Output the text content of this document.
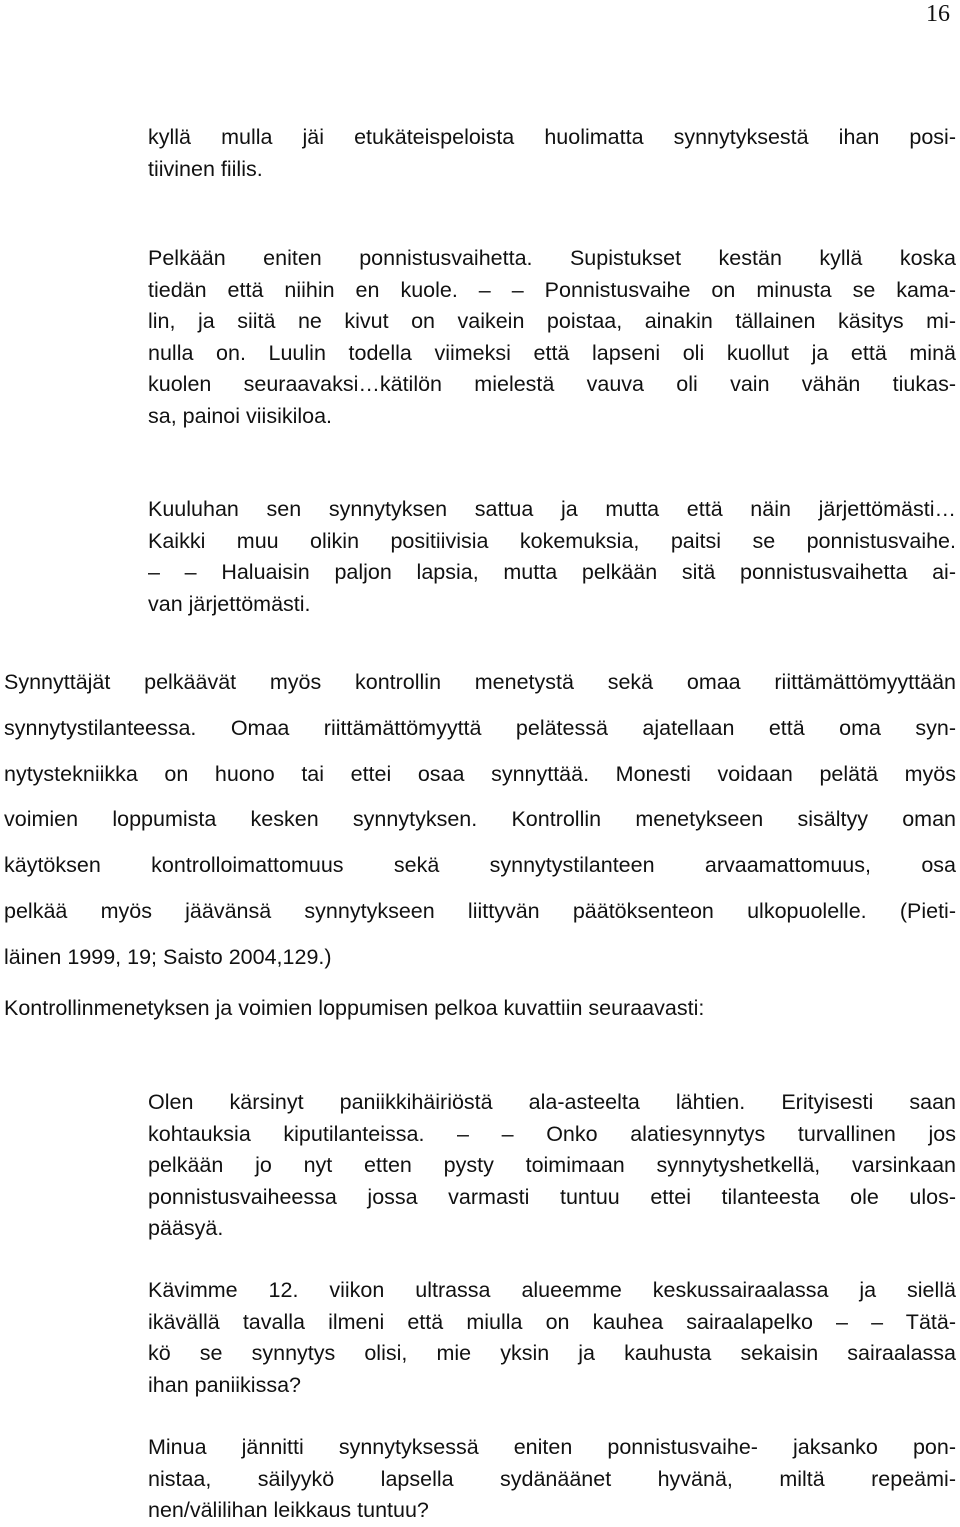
16
kyllä mulla jäi etukäteispeloista huolimatta synnytyksestä ihan posi-
tiivinen fiilis.
Pelkään eniten ponnistusvaihetta. Supistukset kestän kyllä koska
tiedän että niihin en kuole. – – Ponnistusvaihe on minusta se kama-
lin, ja siitä ne kivut on vaikein poistaa, ainakin tällainen käsitys mi-
nulla on. Luulin todella viimeksi että lapseni oli kuollut ja että minä
kuolen seuraavaksi…kätilön mielestä vauva oli vain vähän tiukas-
sa, painoi viisikiloa.
Kuuluhan sen synnytyksen sattua ja mutta että näin järjettömästi…
Kaikki muu olikin positiivisia kokemuksia, paitsi se ponnistusvaihe.
– – Haluaisin paljon lapsia, mutta pelkään sitä ponnistusvaihetta ai-
van järjettömästi.
Synnyttäjät pelkäävät myös kontrollin menetystä sekä omaa riittämättömyyttään
synnytystilanteessa. Omaa riittämättömyyttä pelätessä ajatellaan että oma syn-
nytystekniikka on huono tai ettei osaa synnyttää. Monesti voidaan pelätä myös
voimien loppumista kesken synnytyksen. Kontrollin menetykseen sisältyy oman
käytöksen kontrolloimattomuus sekä synnytystilanteen arvaamattomuus, osa
pelkää myös jäävänsä synnytykseen liittyvän päätöksenteon ulkopuolelle. (Pieti-
läinen 1999, 19; Saisto 2004,129.)

Kontrollinmenetyksen ja voimien loppumisen pelkoa kuvattiin seuraavasti:

Olen kärsinyt paniikkihäiriöstä ala-asteelta lähtien. Erityisesti saan
kohtauksia kiputilanteissa. – – Onko alatiesynnytys turvallinen jos
pelkään jo nyt etten pysty toimimaan synnytyshetkellä, varsinkaan
ponnistusvaiheessa jossa varmasti tuntuu ettei tilanteesta ole ulos-
pääsyä.
Kävimme 12. viikon ultrassa alueemme keskussairaalassa ja siellä
ikävällä tavalla ilmeni että miulla on kauhea sairaalapelko – – Tätä-
kö se synnytys olisi, mie yksin ja kauhusta sekaisin sairaalassa
ihan paniikissa?
Minua jännitti synnytyksessä eniten ponnistusvaihe- jaksanko pon-
nistaa, säilyykö lapsella sydänäänet hyvänä, miltä repeämi-
nen/välilihan leikkaus tuntuu?
